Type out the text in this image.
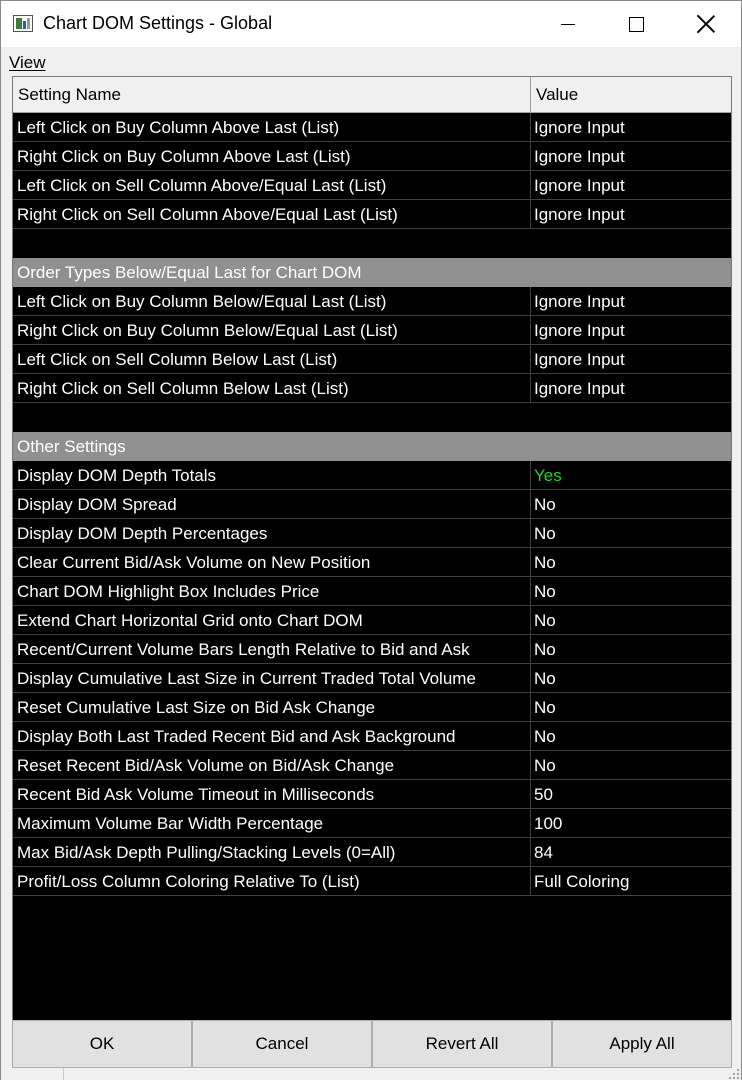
Chart DOM Settings - Global
View
Setting Name	Value
Left Click on Buy Column Above Last (List)	Ignore Input
Right Click on Buy Column Above Last (List)	Ignore Input
Left Click on Sell Column Above/Equal Last (List)	Ignore Input
Right Click on Sell Column Above/Equal Last (List)	Ignore Input
Order Types Below/Equal Last for Chart DOM
Left Click on Buy Column Below/Equal Last (List)	Ignore Input
Right Click on Buy Column Below/Equal Last (List)	Ignore Input
Left Click on Sell Column Below Last (List)	Ignore Input
Right Click on Sell Column Below Last (List)	Ignore Input
Other Settings
Display DOM Depth Totals	Yes
Display DOM Spread	No
Display DOM Depth Percentages	No
Clear Current Bid/Ask Volume on New Position	No
Chart DOM Highlight Box Includes Price	No
Extend Chart Horizontal Grid onto Chart DOM	No
Recent/Current Volume Bars Length Relative to Bid and Ask	No
Display Cumulative Last Size in Current Traded Total Volume	No
Reset Cumulative Last Size on Bid Ask Change	No
Display Both Last Traded Recent Bid and Ask Background	No
Reset Recent Bid/Ask Volume on Bid/Ask Change	No
Recent Bid Ask Volume Timeout in Milliseconds	50
Maximum Volume Bar Width Percentage	100
Max Bid/Ask Depth Pulling/Stacking Levels (0=All)	84
Profit/Loss Column Coloring Relative To (List)	Full Coloring
OK	Cancel	Revert All	Apply All
